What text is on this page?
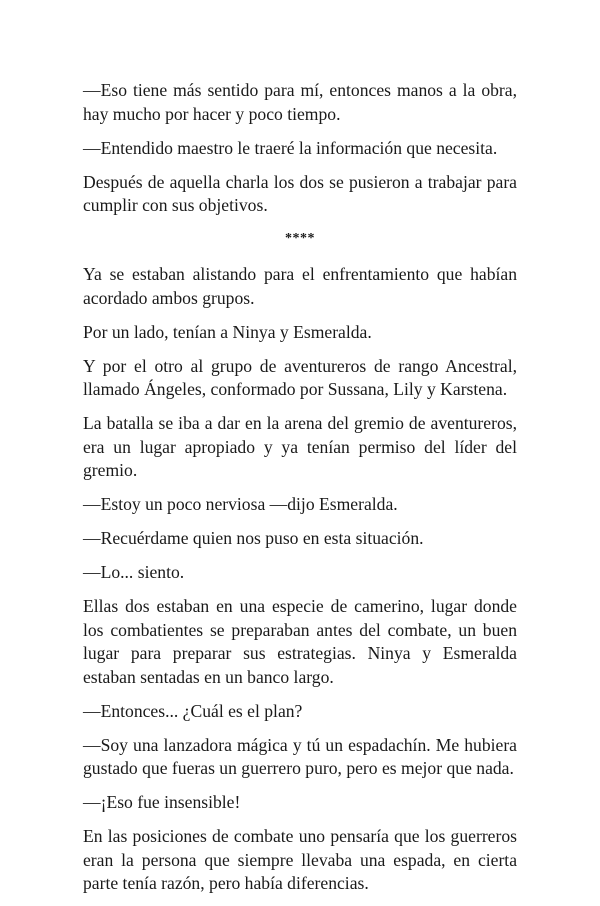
—Eso tiene más sentido para mí, entonces manos a la obra, hay mucho por hacer y poco tiempo.

—Entendido maestro le traeré la información que necesita.

Después de aquella charla los dos se pusieron a trabajar para cumplir con sus objetivos.

****

Ya se estaban alistando para el enfrentamiento que habían acordado ambos grupos.

Por un lado, tenían a Ninya y Esmeralda.

Y por el otro al grupo de aventureros de rango Ancestral, llamado Ángeles, conformado por Sussana, Lily y Karstena.

La batalla se iba a dar en la arena del gremio de aventureros, era un lugar apropiado y ya tenían permiso del líder del gremio.

—Estoy un poco nerviosa —dijo Esmeralda.

—Recuérdame quien nos puso en esta situación.

—Lo... siento.

Ellas dos estaban en una especie de camerino, lugar donde los combatientes se preparaban antes del combate, un buen lugar para preparar sus estrategias. Ninya y Esmeralda estaban sentadas en un banco largo.

—Entonces... ¿Cuál es el plan?

—Soy una lanzadora mágica y tú un espadachín. Me hubiera gustado que fueras un guerrero puro, pero es mejor que nada.

—¡Eso fue insensible!

En las posiciones de combate uno pensaría que los guerreros eran la persona que siempre llevaba una espada, en cierta parte tenía razón, pero había diferencias.
